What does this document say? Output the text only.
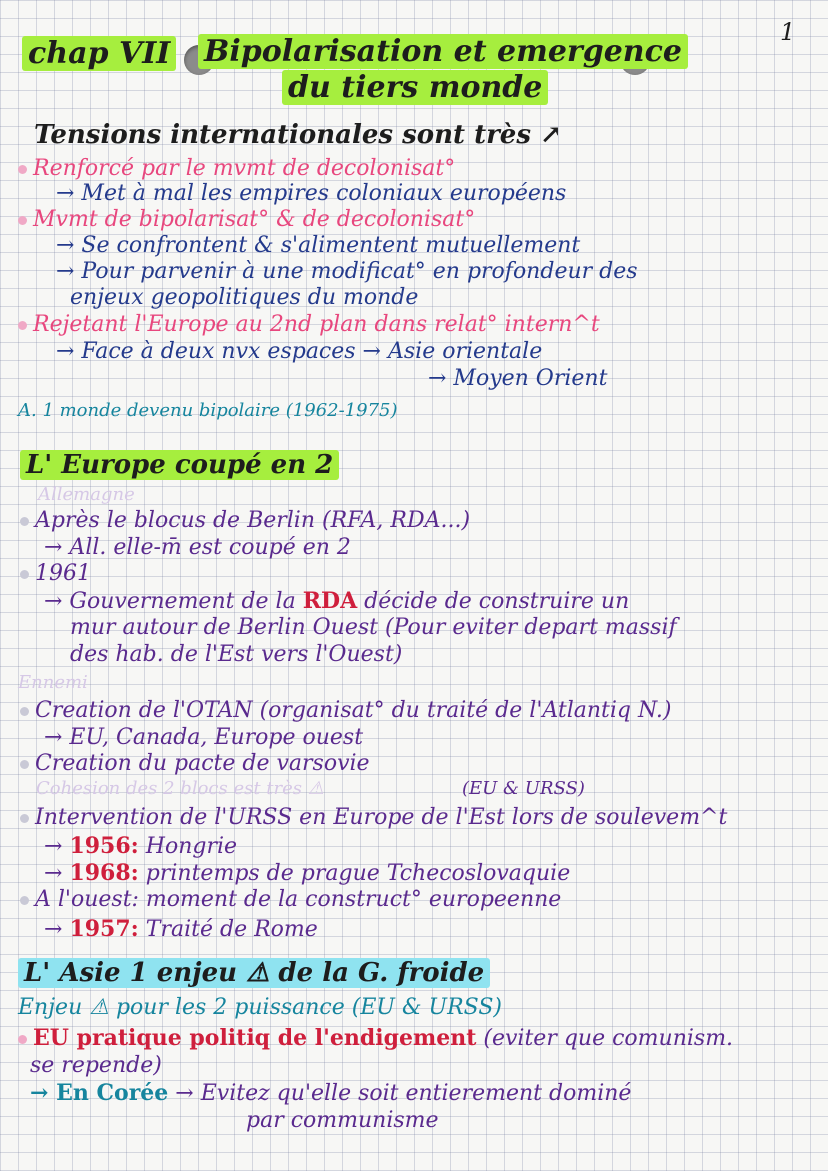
1
chap VII Bipolarisation et emergence
du tiers monde
Tensions internationales sont très ↗
Renforcé par le mvmt de decolonisat°
→ Met à mal les empires coloniaux européens
Mvmt de bipolarisat° & de decolonisat°
→ Se confrontent & s'alimentent mutuellement
→ Pour parvenir à une modificat° en profondeur des
enjeux geopolitiques du monde
Rejetant l'Europe au 2nd plan dans relat° intern^t
→ Face à deux nvx espaces → Asie orientale
→ Moyen Orient
A. 1 monde devenu bipolaire (1962-1975)
L' Europe coupé en 2
Allemagne
Après le blocus de Berlin (RFA, RDA...)
→ All. elle-m̄ est coupé en 2
1961
→ Gouvernement de la RDA décide de construire un
mur autour de Berlin Ouest (Pour eviter depart massif
des hab. de l'Est vers l'Ouest)
Ennemi
Creation de l'OTAN (organisat° du traité de l'Atlantiq N.)
→ EU, Canada, Europe ouest
Creation du pacte de varsovie
Cohesion des 2 blocs est très ⚠	(EU & URSS)
Intervention de l'URSS en Europe de l'Est lors de soulevem^t
→ 1956: Hongrie
→ 1968: printemps de prague Tchecoslovaquie
A l'ouest: moment de la construct° europeenne
→ 1957: Traité de Rome
L' Asie 1 enjeu ⚠ de la G. froide
Enjeu ⚠ pour les 2 puissance (EU & URSS)
EU pratique politiq de l'endigement (eviter que comunism.
se repende)
→ En Corée → Evitez qu'elle soit entierement dominé
par communisme
